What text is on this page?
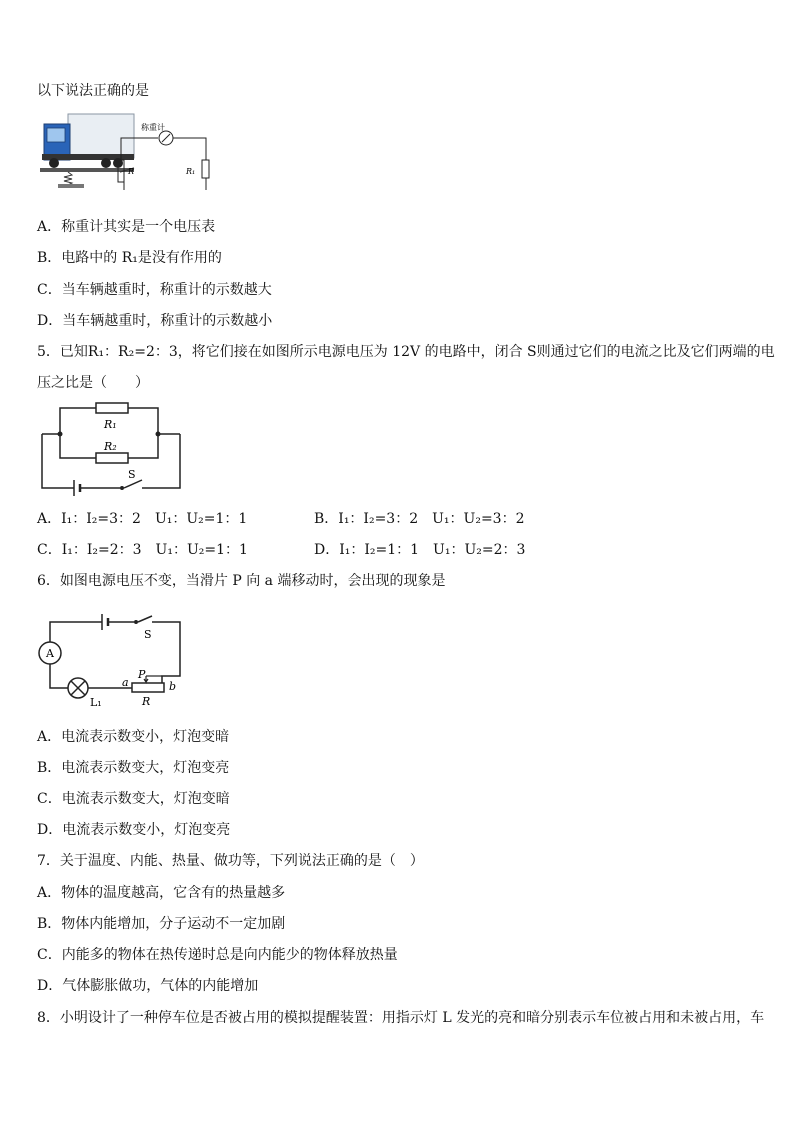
以下说法正确的是
称重计
R	R₁
A．称重计其实是一个电压表
B．电路中的 R₁是没有作用的
C．当车辆越重时，称重计的示数越大
D．当车辆越重时，称重计的示数越小
5．已知R₁：R₂=2：3，将它们接在如图所示电源电压为 12V 的电路中，闭合 S则通过它们的电流之比及它们两端的电
压之比是（　　）
R₁
R₂
S
A．I₁：I₂=3：2　U₁：U₂=1：1	B．I₁：I₂=3：2　U₁：U₂=3：2
C．I₁：I₂=2：3　U₁：U₂=1：1	D．I₁：I₂=1：1　U₁：U₂=2：3
6．如图电源电压不变，当滑片 P 向 a 端移动时，会出现的现象是
A
S
L₁
a	b
P
R
A．电流表示数变小，灯泡变暗
B．电流表示数变大，灯泡变亮
C．电流表示数变大，灯泡变暗
D．电流表示数变小，灯泡变亮
7．关于温度、内能、热量、做功等，下列说法正确的是（　）
A．物体的温度越高，它含有的热量越多
B．物体内能增加，分子运动不一定加剧
C．内能多的物体在热传递时总是向内能少的物体释放热量
D．气体膨胀做功，气体的内能增加
8．小明设计了一种停车位是否被占用的模拟提醒装置：用指示灯 L 发光的亮和暗分别表示车位被占用和未被占用，车
